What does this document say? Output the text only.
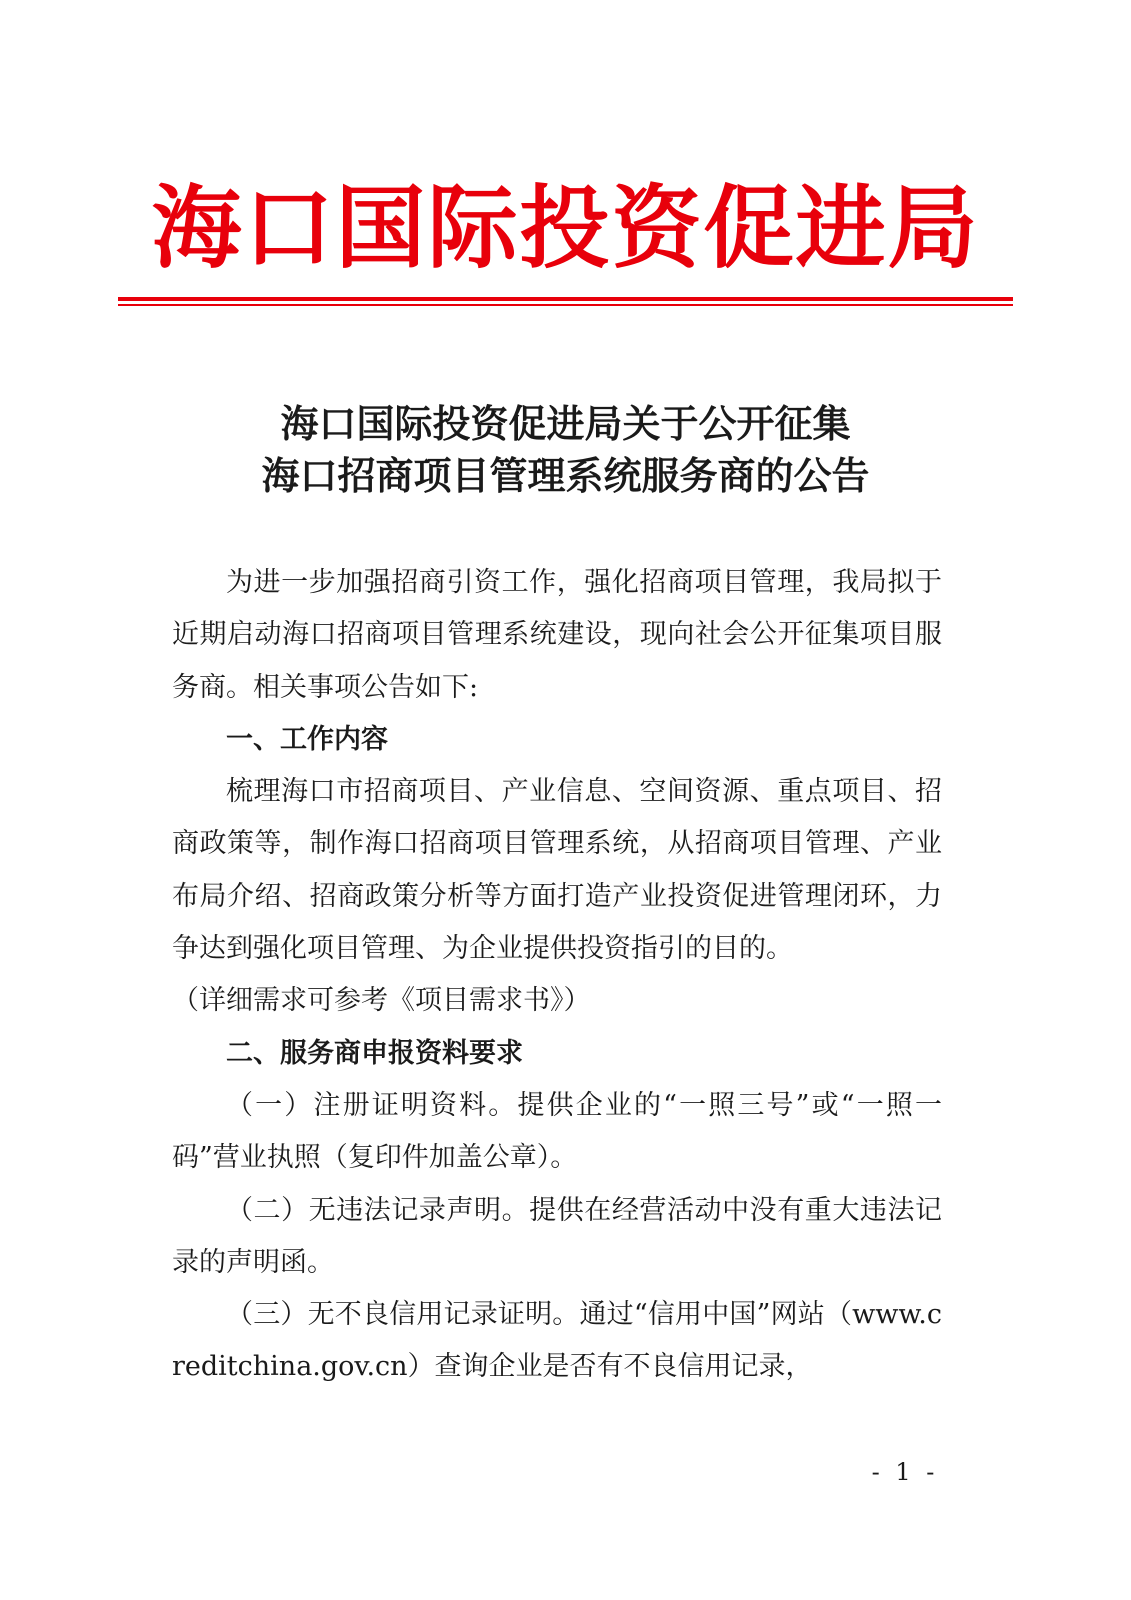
海口国际投资促进局
海口国际投资促进局关于公开征集
海口招商项目管理系统服务商的公告

为进一步加强招商引资工作，强化招商项目管理，我局拟于近期启动海口招商项目管理系统建设，现向社会公开征集项目服务商。相关事项公告如下:

一、工作内容

梳理海口市招商项目、产业信息、空间资源、重点项目、招商政策等，制作海口招商项目管理系统，从招商项目管理、产业布局介绍、招商政策分析等方面打造产业投资促进管理闭环，力争达到强化项目管理、为企业提供投资指引的目的。

（详细需求可参考《项目需求书》）

二、服务商申报资料要求

（一）注册证明资料。提供企业的“一照三号”或“一照一码”营业执照（复印件加盖公章）。

（二）无违法记录声明。提供在经营活动中没有重大违法记录的声明函。

（三）无不良信用记录证明。通过“信用中国”网站（www.creditchina.gov.cn）查询企业是否有不良信用记录，

- 1 -
